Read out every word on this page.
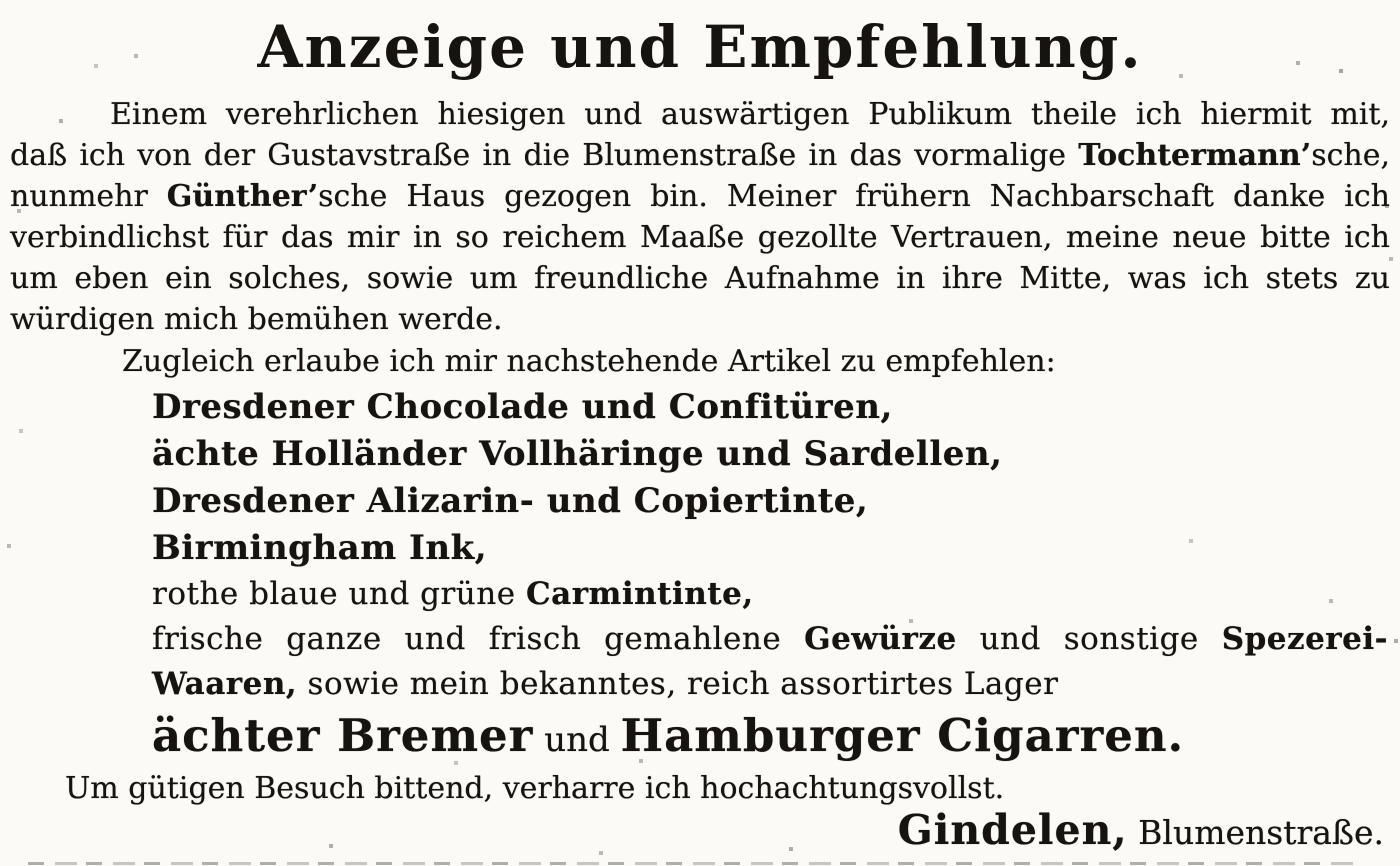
Anzeige und Empfehlung.
Einem verehrlichen hiesigen und auswärtigen Publikum theile ich hiermit mit,
daß ich von der Gustavstraße in die Blumenstraße in das vormalige Tochtermann’sche,
nunmehr Günther’sche Haus gezogen bin. Meiner frühern Nachbarschaft danke ich
verbindlichst für das mir in so reichem Maaße gezollte Vertrauen, meine neue bitte ich
um eben ein solches, sowie um freundliche Aufnahme in ihre Mitte, was ich stets zu
würdigen mich bemühen werde.
Zugleich erlaube ich mir nachstehende Artikel zu empfehlen:
Dresdener Chocolade und Confitüren,
ächte Holländer Vollhäringe und Sardellen,
Dresdener Alizarin- und Copiertinte,
Birmingham Ink,
rothe blaue und grüne Carmintinte,
frische ganze und frisch gemahlene Gewürze und sonstige Spezerei-
Waaren, sowie mein bekanntes, reich assortirtes Lager
ächter Bremer und Hamburger Cigarren.
Um gütigen Besuch bittend, verharre ich hochachtungsvollst.
Gindelen, Blumenstraße.
